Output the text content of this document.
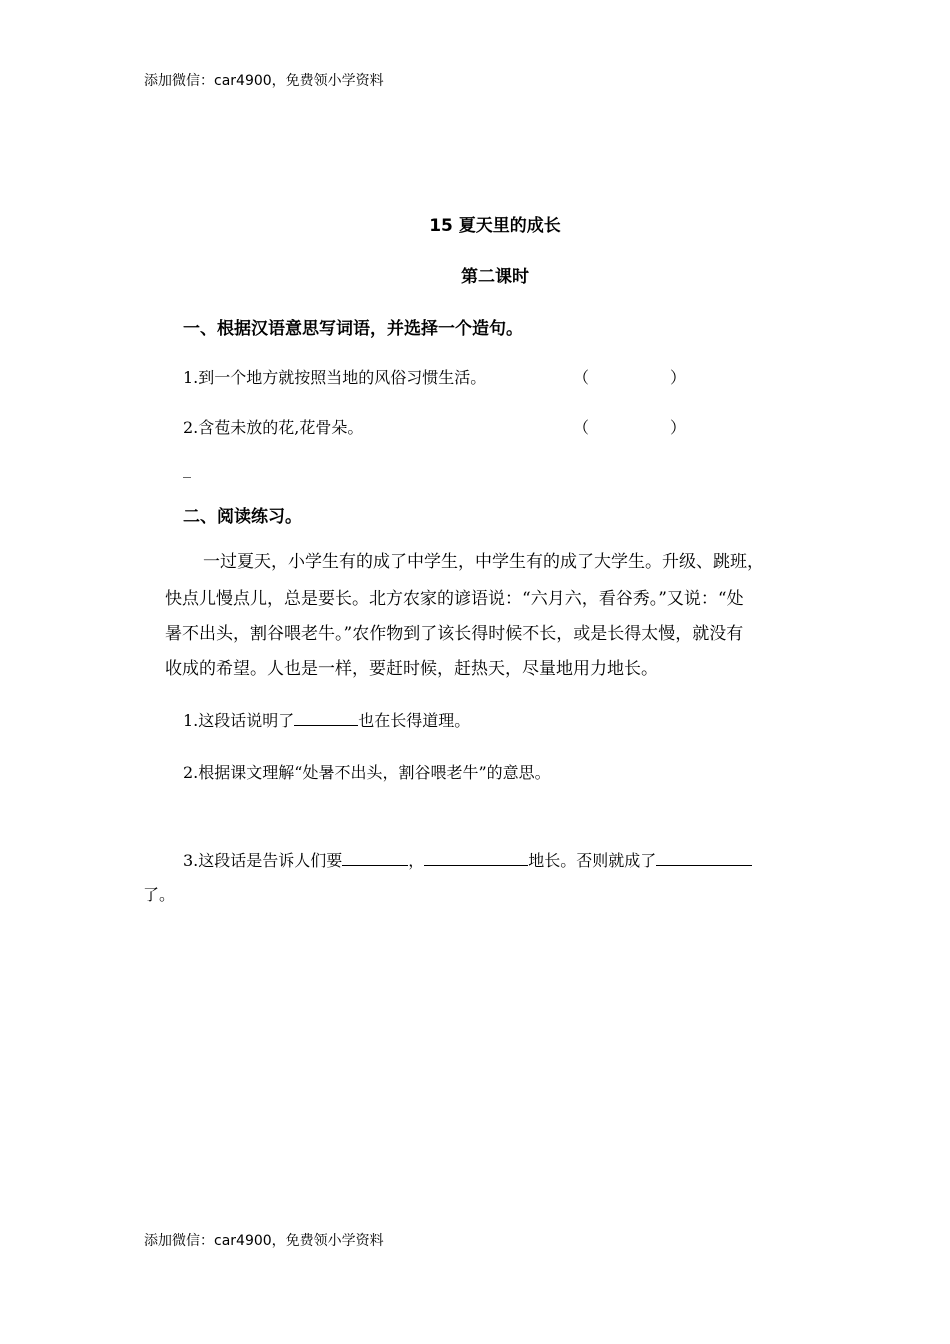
添加微信：car4900，免费领小学资料
15 夏天里的成长
第二课时
一、根据汉语意思写词语，并选择一个造句。
1.到一个地方就按照当地的风俗习惯生活。	（	）
2.含苞未放的花,花骨朵。	（	）
_
二、阅读练习。
一过夏天，小学生有的成了中学生，中学生有的成了大学生。升级、跳班，
快点儿慢点儿，总是要长。北方农家的谚语说：“六月六，看谷秀。”又说：“处
暑不出头，割谷喂老牛。”农作物到了该长得时候不长，或是长得太慢，就没有
收成的希望。人也是一样，要赶时候，赶热天，尽量地用力地长。
1.这段话说明了	也在长得道理。
2.根据课文理解“处暑不出头，割谷喂老牛”的意思。
3.这段话是告诉人们要	，	地长。否则就成了
了。
添加微信：car4900，免费领小学资料
